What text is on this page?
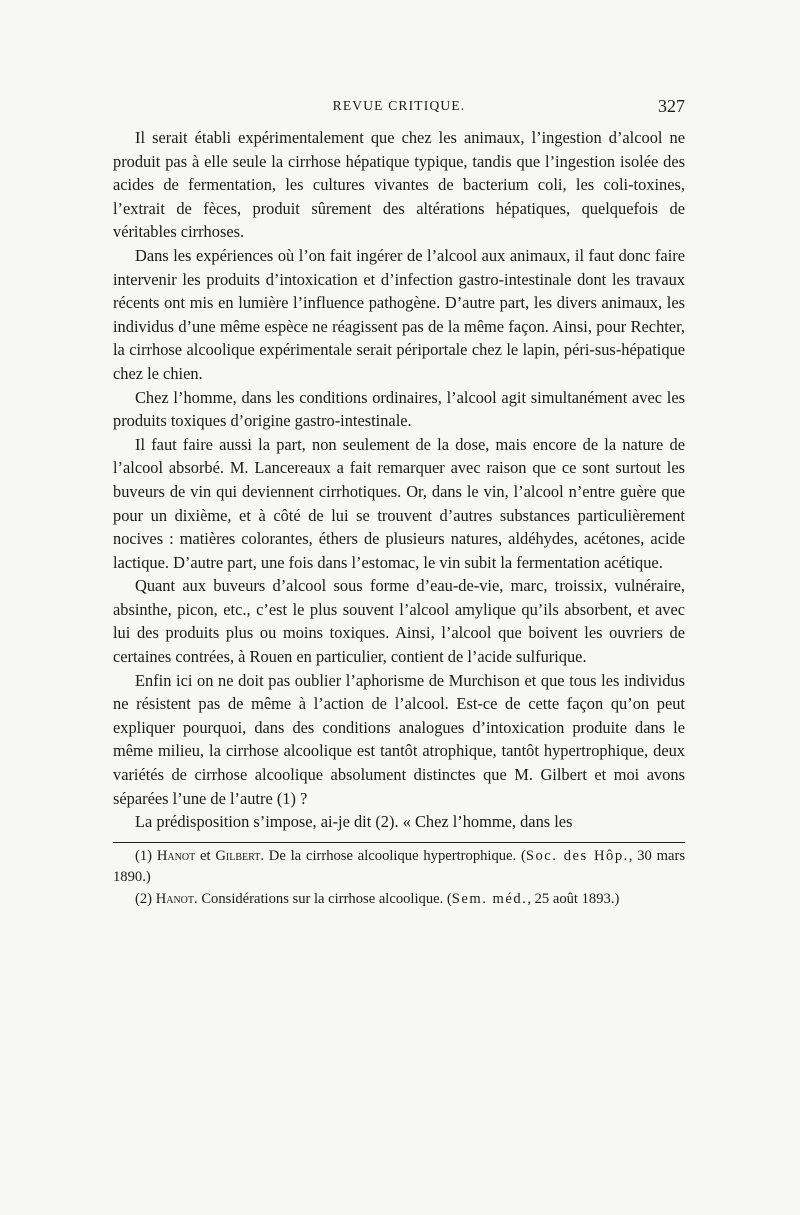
REVUE CRITIQUE.	327

Il serait établi expérimentalement que chez les animaux, l’ingestion d’alcool ne produit pas à elle seule la cirrhose hépatique typique, tandis que l’ingestion isolée des acides de fermentation, les cultures vivantes de bacterium coli, les coli-toxines, l’extrait de fèces, produit sûrement des altérations hépatiques, quelquefois de véritables cirrhoses.

Dans les expériences où l’on fait ingérer de l’alcool aux animaux, il faut donc faire intervenir les produits d’intoxication et d’infection gastro-intestinale dont les travaux récents ont mis en lumière l’influence pathogène. D’autre part, les divers animaux, les individus d’une même espèce ne réagissent pas de la même façon. Ainsi, pour Rechter, la cirrhose alcoolique expérimentale serait périportale chez le lapin, péri-sus-hépatique chez le chien.

Chez l’homme, dans les conditions ordinaires, l’alcool agit simultanément avec les produits toxiques d’origine gastro-intestinale.

Il faut faire aussi la part, non seulement de la dose, mais encore de la nature de l’alcool absorbé. M. Lancereaux a fait remarquer avec raison que ce sont surtout les buveurs de vin qui deviennent cirrhotiques. Or, dans le vin, l’alcool n’entre guère que pour un dixième, et à côté de lui se trouvent d’autres substances particulièrement nocives : matières colorantes, éthers de plusieurs natures, aldéhydes, acétones, acide lactique. D’autre part, une fois dans l’estomac, le vin subit la fermentation acétique.

Quant aux buveurs d’alcool sous forme d’eau-de-vie, marc, troissix, vulnéraire, absinthe, picon, etc., c’est le plus souvent l’alcool amylique qu’ils absorbent, et avec lui des produits plus ou moins toxiques. Ainsi, l’alcool que boivent les ouvriers de certaines contrées, à Rouen en particulier, contient de l’acide sulfurique.

Enfin ici on ne doit pas oublier l’aphorisme de Murchison et que tous les individus ne résistent pas de même à l’action de l’alcool. Est-ce de cette façon qu’on peut expliquer pourquoi, dans des conditions analogues d’intoxication produite dans le même milieu, la cirrhose alcoolique est tantôt atrophique, tantôt hypertrophique, deux variétés de cirrhose alcoolique absolument distinctes que M. Gilbert et moi avons séparées l’une de l’autre (1) ?

La prédisposition s’impose, ai-je dit (2). « Chez l’homme, dans les

(1) Hanot et Gilbert. De la cirrhose alcoolique hypertrophique. (Soc. des Hôp., 30 mars 1890.)

(2) Hanot. Considérations sur la cirrhose alcoolique. (Sem. méd., 25 août 1893.)
